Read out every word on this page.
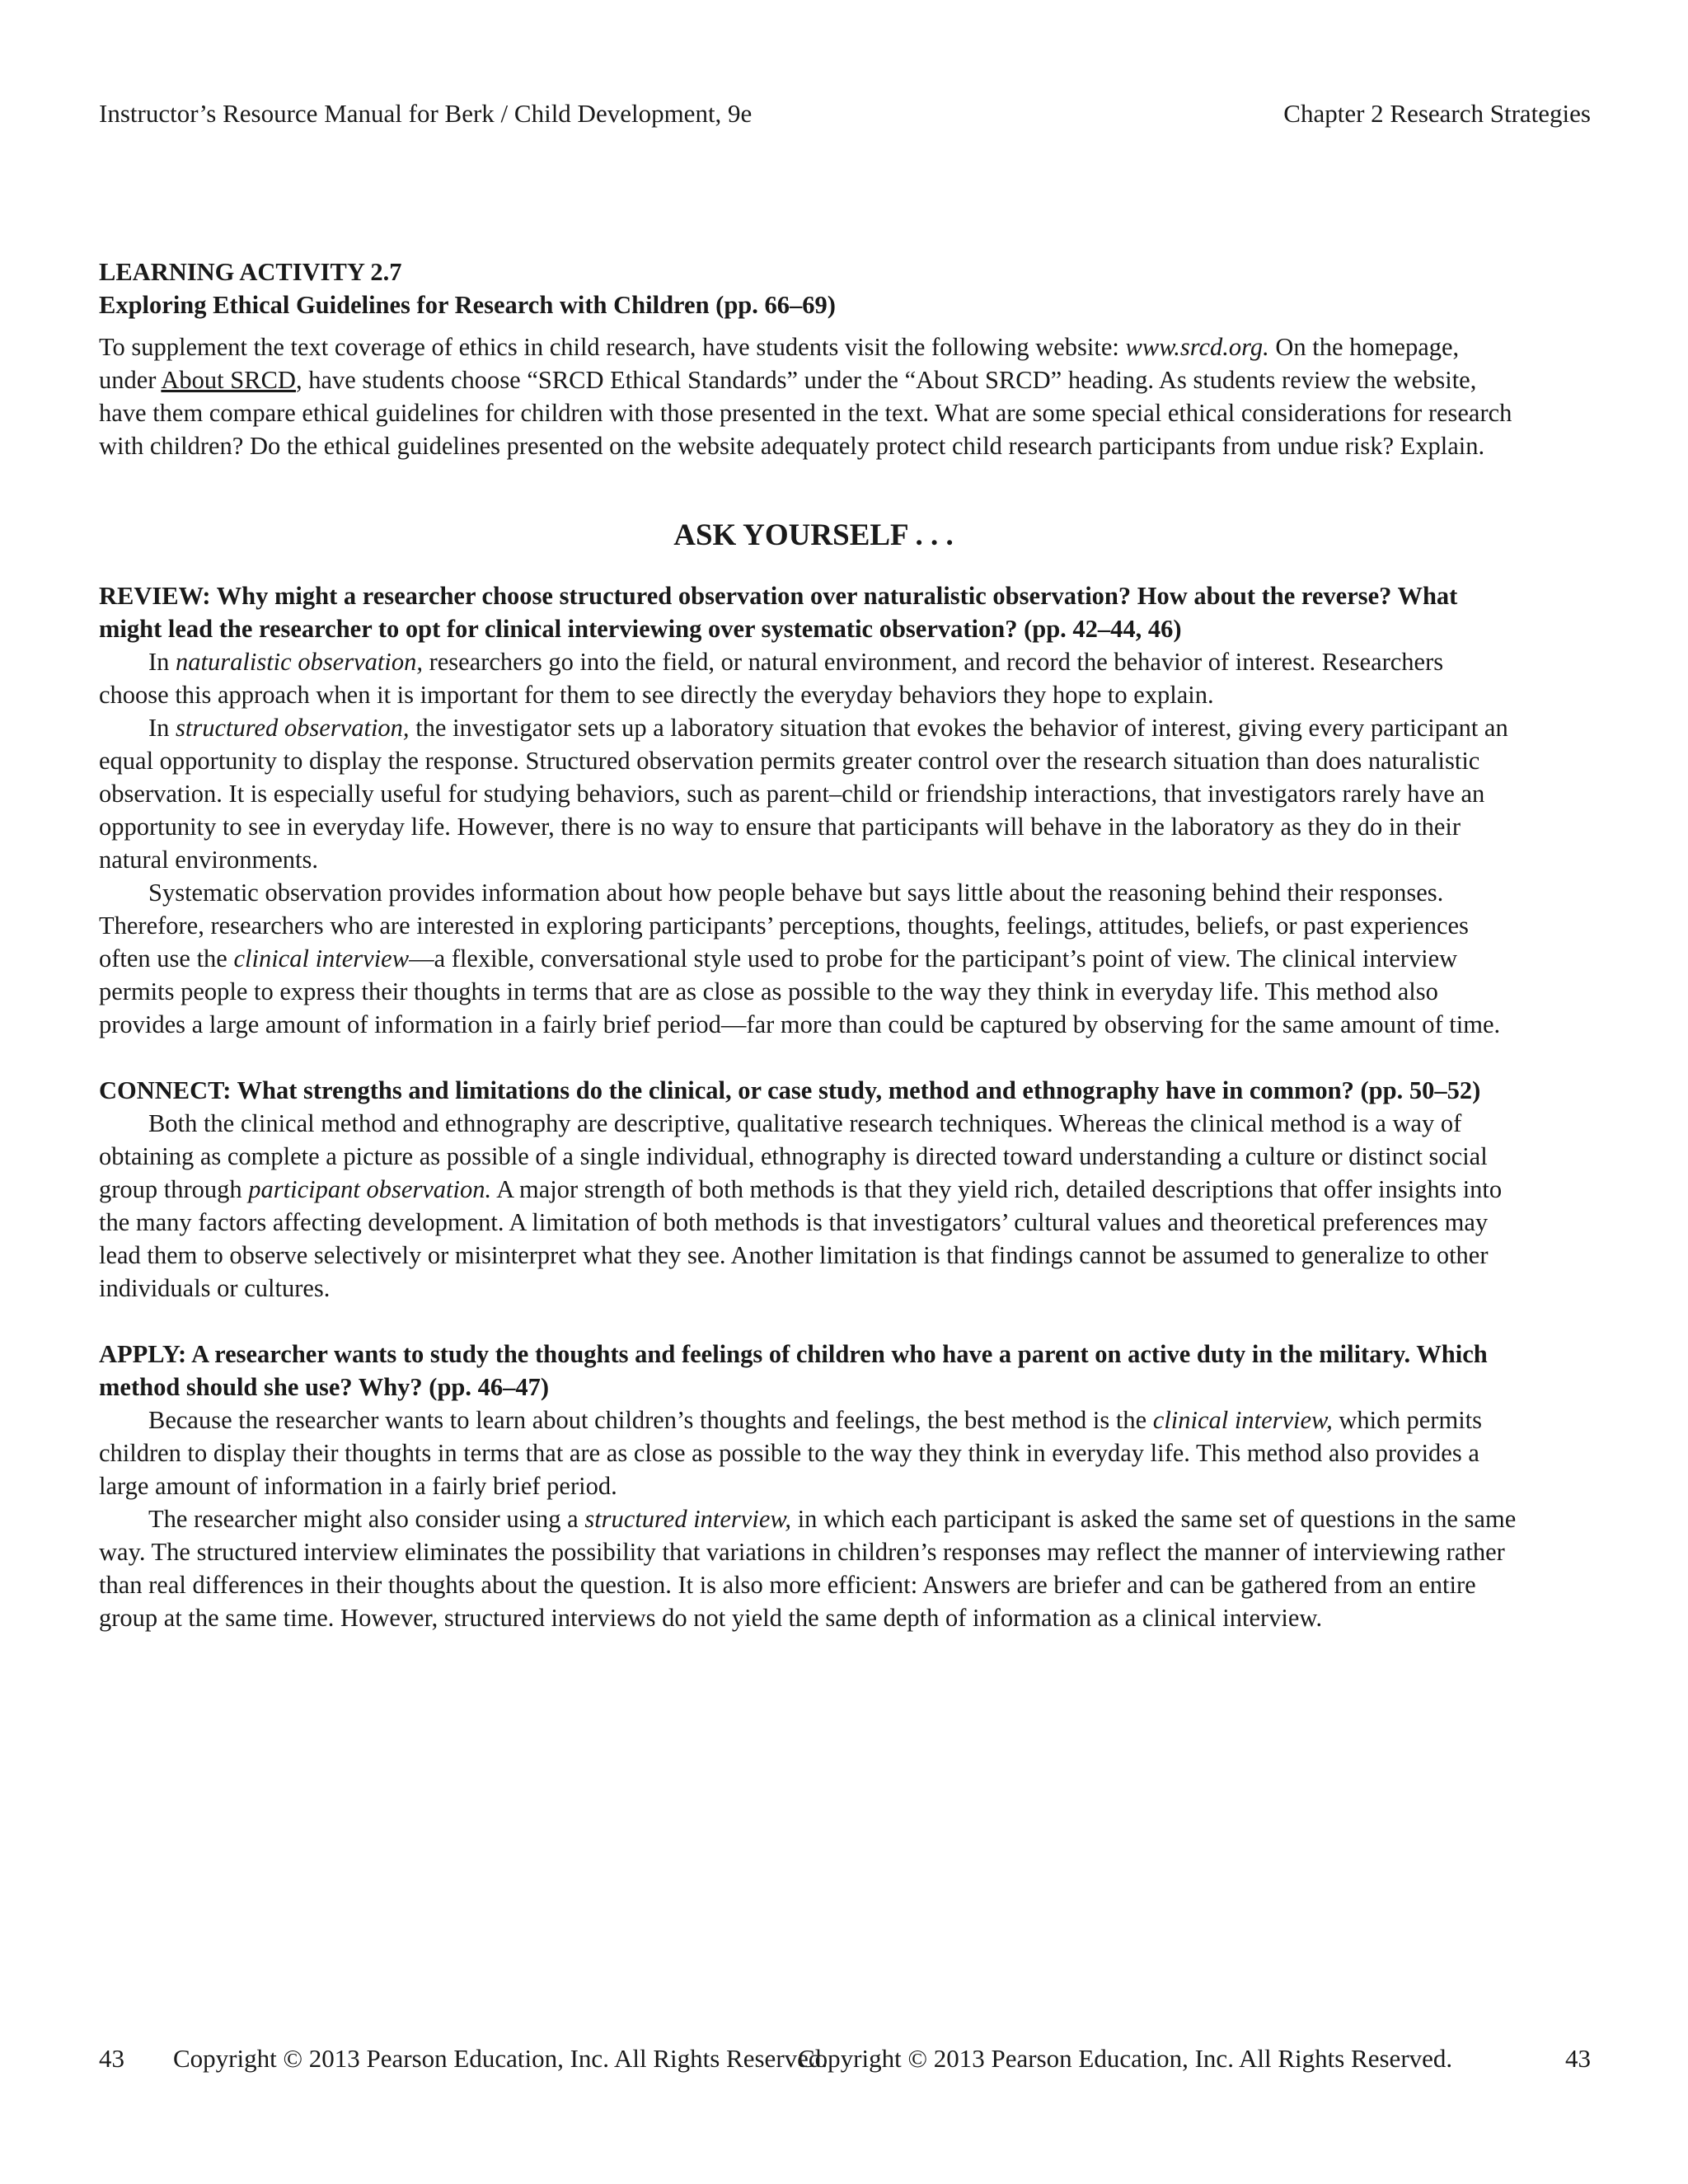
Instructor’s Resource Manual for Berk / Child Development, 9e	Chapter 2 Research Strategies

LEARNING ACTIVITY 2.7

Exploring Ethical Guidelines for Research with Children (pp. 66–69)

To supplement the text coverage of ethics in child research, have students visit the following website: www.srcd.org. On the homepage, under About SRCD, have students choose “SRCD Ethical Standards” under the “About SRCD” heading. As students review the website, have them compare ethical guidelines for children with those presented in the text. What are some special ethical considerations for research with children? Do the ethical guidelines presented on the website adequately protect child research participants from undue risk? Explain.

ASK YOURSELF . . .

REVIEW: Why might a researcher choose structured observation over naturalistic observation? How about the reverse? What might lead the researcher to opt for clinical interviewing over systematic observation? (pp. 42–44, 46)

In naturalistic observation, researchers go into the field, or natural environment, and record the behavior of interest. Researchers choose this approach when it is important for them to see directly the everyday behaviors they hope to explain.

In structured observation, the investigator sets up a laboratory situation that evokes the behavior of interest, giving every participant an equal opportunity to display the response. Structured observation permits greater control over the research situation than does naturalistic observation. It is especially useful for studying behaviors, such as parent–child or friendship interactions, that investigators rarely have an opportunity to see in everyday life. However, there is no way to ensure that participants will behave in the laboratory as they do in their natural environments.

Systematic observation provides information about how people behave but says little about the reasoning behind their responses. Therefore, researchers who are interested in exploring participants’ perceptions, thoughts, feelings, attitudes, beliefs, or past experiences often use the clinical interview—a flexible, conversational style used to probe for the participant’s point of view. The clinical interview permits people to express their thoughts in terms that are as close as possible to the way they think in everyday life. This method also provides a large amount of information in a fairly brief period—far more than could be captured by observing for the same amount of time.

CONNECT: What strengths and limitations do the clinical, or case study, method and ethnography have in common? (pp. 50–52)

Both the clinical method and ethnography are descriptive, qualitative research techniques. Whereas the clinical method is a way of obtaining as complete a picture as possible of a single individual, ethnography is directed toward understanding a culture or distinct social group through participant observation. A major strength of both methods is that they yield rich, detailed descriptions that offer insights into the many factors affecting development. A limitation of both methods is that investigators’ cultural values and theoretical preferences may lead them to observe selectively or misinterpret what they see. Another limitation is that findings cannot be assumed to generalize to other individuals or cultures.

APPLY: A researcher wants to study the thoughts and feelings of children who have a parent on active duty in the military. Which method should she use? Why? (pp. 46–47)

Because the researcher wants to learn about children’s thoughts and feelings, the best method is the clinical interview, which permits children to display their thoughts in terms that are as close as possible to the way they think in everyday life. This method also provides a large amount of information in a fairly brief period.

The researcher might also consider using a structured interview, in which each participant is asked the same set of questions in the same way. The structured interview eliminates the possibility that variations in children’s responses may reflect the manner of interviewing rather than real differences in their thoughts about the question. It is also more efficient: Answers are briefer and can be gathered from an entire group at the same time. However, structured interviews do not yield the same depth of information as a clinical interview.

43 Copyright © 2013 Pearson Education, Inc. All Rights Reserved.
Copyright © 2013 Pearson Education, Inc. All Rights Reserved.	43
